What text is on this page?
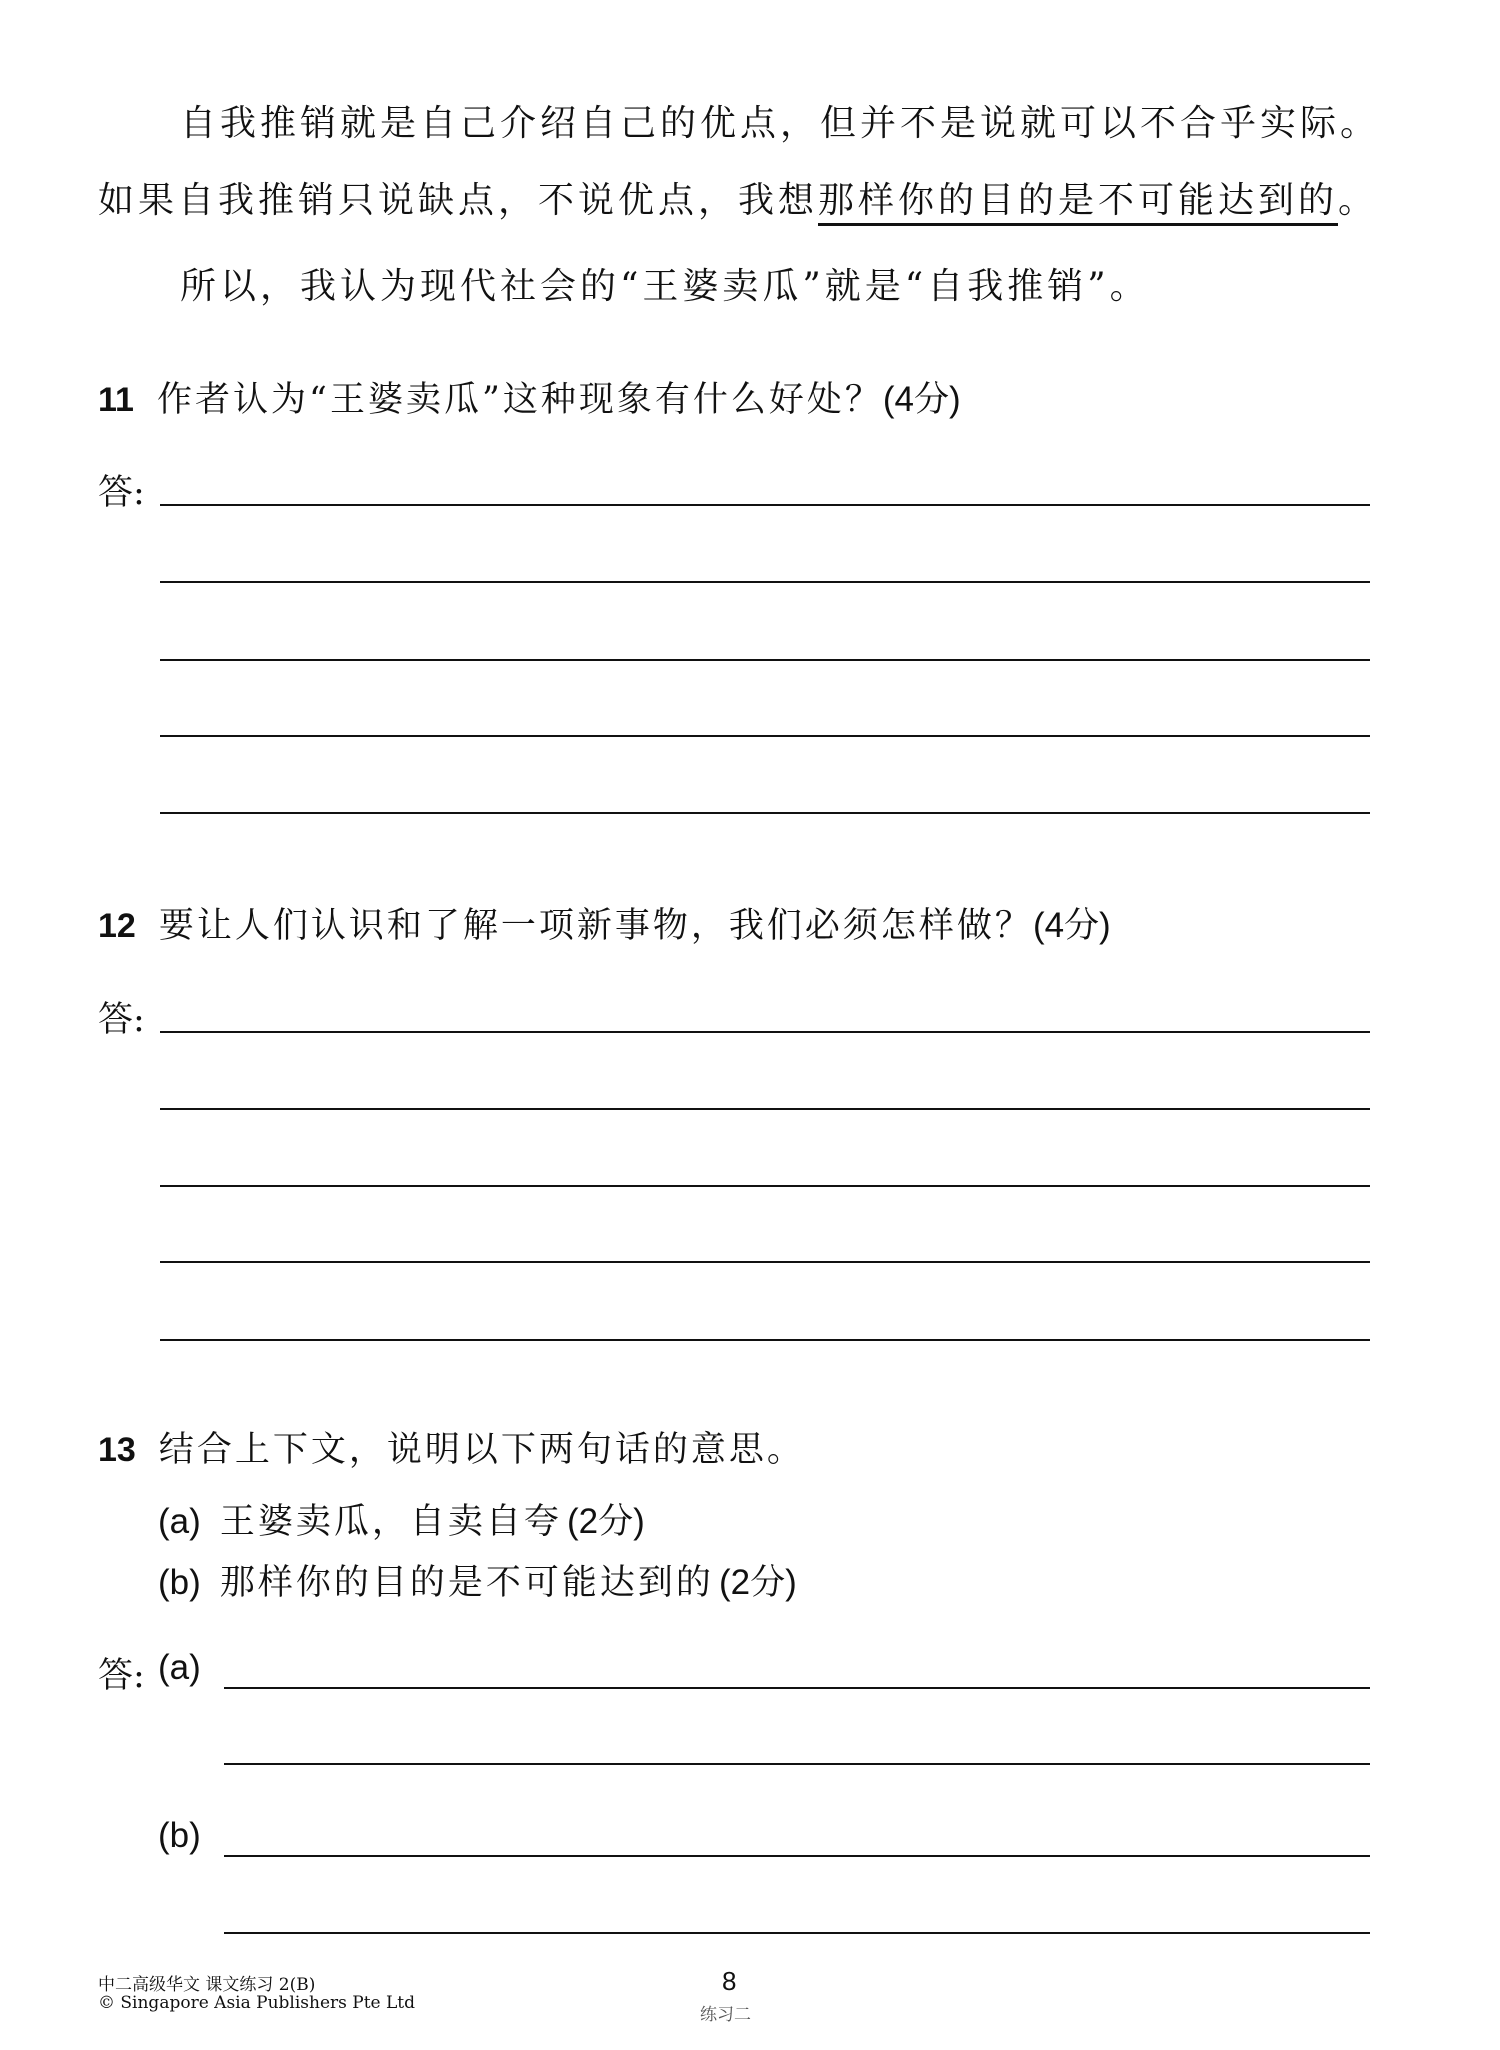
自我推销就是自己介绍自己的优点，但并不是说就可以不合乎实际。
如果自我推销只说缺点，不说优点，我想那样你的目的是不可能达到的。
所以，我认为现代社会的“王婆卖瓜”就是“自我推销”。
11 作者认为“王婆卖瓜”这种现象有什么好处？(4分)
答:
12 要让人们认识和了解一项新事物，我们必须怎样做？(4分)
答:
13 结合上下文，说明以下两句话的意思。
(a) 王婆卖瓜，自卖自夸 (2分)
(b) 那样你的目的是不可能达到的 (2分)
答: (a)
(b)
中二高级华文 课文练习 2(B)
© Singapore Asia Publishers Pte Ltd
8
练习二
